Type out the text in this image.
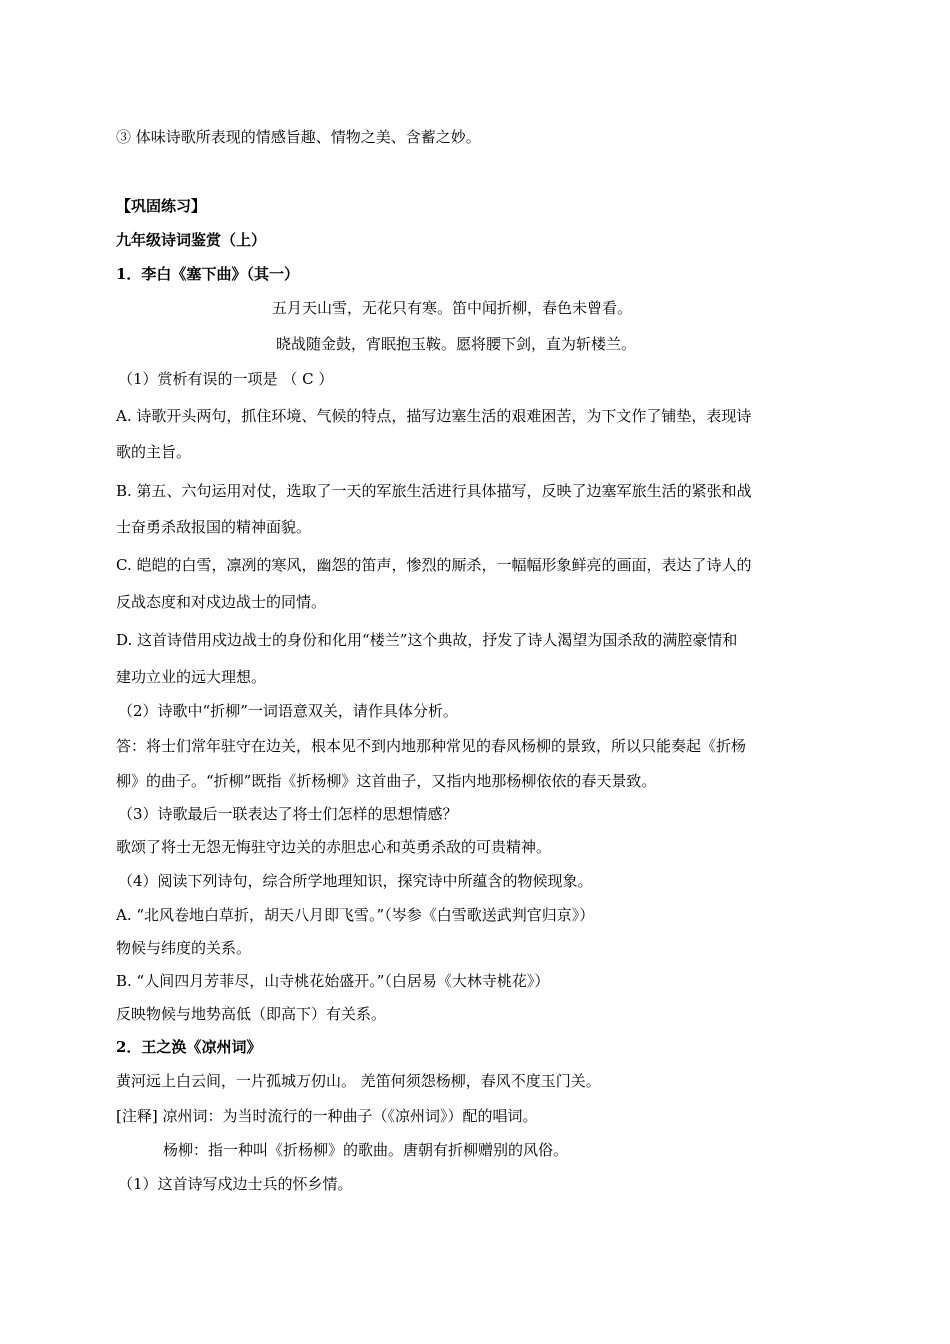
③ 体味诗歌所表现的情感旨趣、情物之美、含蓄之妙。
【巩固练习】
九年级诗词鉴赏（上）
1．李白《塞下曲》（其一）
五月天山雪，无花只有寒。笛中闻折柳，春色未曾看。
晓战随金鼓，宵眠抱玉鞍。愿将腰下剑，直为斩楼兰。
（1）赏析有误的一项是 （ C ）
A. 诗歌开头两句，抓住环境、气候的特点，描写边塞生活的艰难困苦，为下文作了铺垫，表现诗
歌的主旨。
B. 第五、六句运用对仗，选取了一天的军旅生活进行具体描写，反映了边塞军旅生活的紧张和战
士奋勇杀敌报国的精神面貌。
C. 皑皑的白雪，凛冽的寒风，幽怨的笛声，惨烈的厮杀，一幅幅形象鲜亮的画面，表达了诗人的
反战态度和对戍边战士的同情。
D. 这首诗借用戍边战士的身份和化用“楼兰”这个典故，抒发了诗人渴望为国杀敌的满腔豪情和
建功立业的远大理想。
（2）诗歌中“折柳”一词语意双关，请作具体分析。
答：将士们常年驻守在边关，根本见不到内地那种常见的春风杨柳的景致，所以只能奏起《折杨
柳》的曲子。“折柳”既指《折杨柳》这首曲子，又指内地那杨柳依依的春天景致。
（3）诗歌最后一联表达了将士们怎样的思想情感？
歌颂了将士无怨无悔驻守边关的赤胆忠心和英勇杀敌的可贵精神。
（4）阅读下列诗句，综合所学地理知识，探究诗中所蕴含的物候现象。
A. “北风卷地白草折，胡天八月即飞雪。”（岑参《白雪歌送武判官归京》）
物候与纬度的关系。
B. “人间四月芳菲尽，山寺桃花始盛开。”（白居易《大林寺桃花》）
反映物候与地势高低（即高下）有关系。
2．王之涣《凉州词》
黄河远上白云间，一片孤城万仞山。 羌笛何须怨杨柳，春风不度玉门关。
[注释] 凉州词：为当时流行的一种曲子（《凉州词》）配的唱词。
杨柳：指一种叫《折杨柳》的歌曲。唐朝有折柳赠别的风俗。
（1）这首诗写戍边士兵的怀乡情。
